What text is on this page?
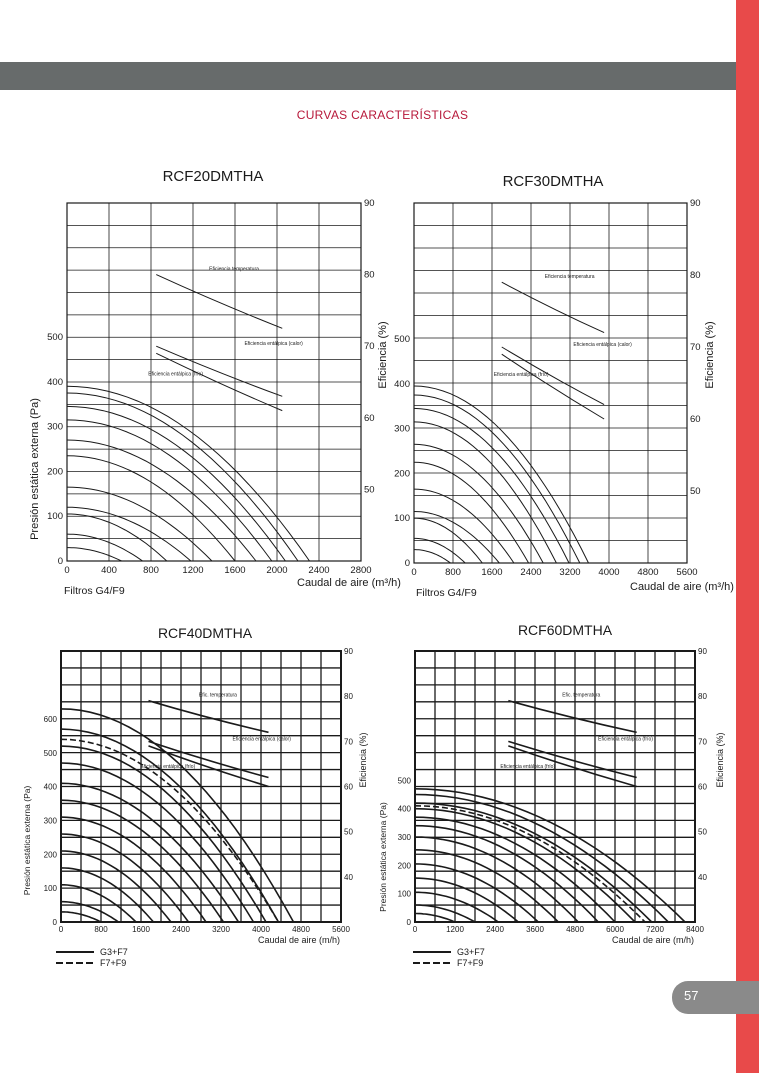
CURVAS CARACTERÍSTICAS
RCF20DMTHA
0	400	800 1200 1600 2000 2400 2800
0
100
200
300
400
500
50
60
70
80
90
Caudal de aire (m³/h)
Presión estática externa (Pa)
Eficiencia (%)
Filtros G4/F9
Eficiencia temperatura
Eficiencia entálpica (calor)
Eficiencia entálpica (frío)
RCF30DMTHA
0	800 1600 2400 3200 4000 4800 5600
0
100
200
300
400
500
50
60
70
80
90
Caudal de aire (m³/h)
Eficiencia (%)
Filtros G4/F9
Eficiencia temperatura
Eficiencia entálpica (calor)
Eficiencia entálpica (frío)
RCF40DMTHA
0	800	1600	2400	3200	4000	4800	5600
0
100
200
300
400
500
600
40
50
60
70
80
90
Caudal de aire (m/h)
Presión estática externa (Pa)
Eficiencia (%)
Efic. temperatura
Eficiencia entálpica (calor)
Eficiencia entálpica (frío)
G3+F7
F7+F9
RCF60DMTHA
0	1200	2400	3600	4800	6000	7200	8400
0
100
200
300
400
500
40
50
60
70
80
90
Caudal de aire (m/h)
Presión estática externa (Pa)
Eficiencia (%)
Efic. temperatura
Eficiencia entálpica (frío)
Eficiencia entálpica (frío)
G3+F7
F7+F9
57
